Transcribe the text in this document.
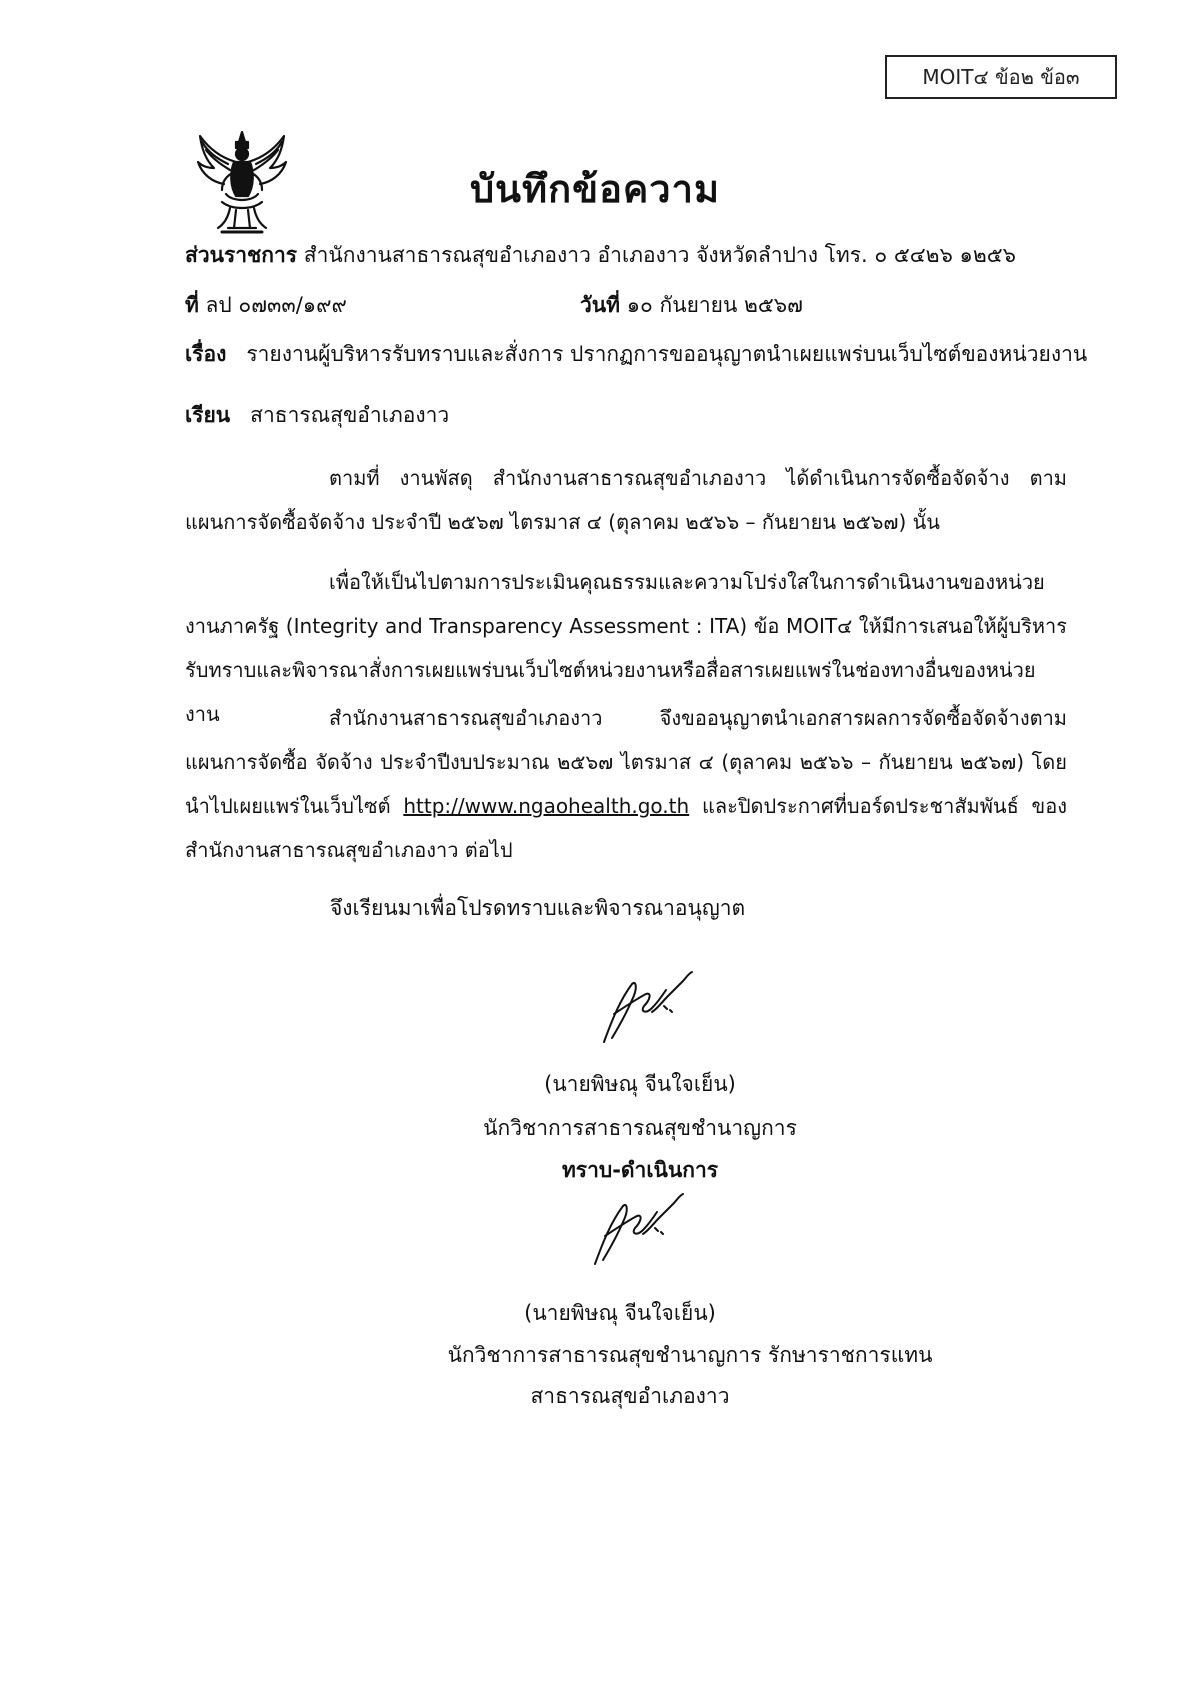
MOIT๔ ข้อ๒ ข้อ๓
บันทึกข้อความ
ส่วนราชการ สำนักงานสาธารณสุขอำเภองาว อำเภองาว จังหวัดลำปาง โทร. ๐ ๕๔๒๖ ๑๒๕๖
ที่ ลป ๐๗๓๓/๑๙๙	วันที่ ๑๐ กันยายน ๒๕๖๗
เรื่อง รายงานผู้บริหารรับทราบและสั่งการ ปรากฏการขออนุญาตนำเผยแพร่บนเว็บไซต์ของหน่วยงาน
เรียน สาธารณสุขอำเภองาว

ตามที่ งานพัสดุ สำนักงานสาธารณสุขอำเภองาว ได้ดำเนินการจัดซื้อจัดจ้าง ตามแผนการจัดซื้อจัดจ้าง ประจำปี ๒๕๖๗ ไตรมาส ๔ (ตุลาคม ๒๕๖๖ – กันยายน ๒๕๖๗) นั้น

เพื่อให้เป็นไปตามการประเมินคุณธรรมและความโปร่งใสในการดำเนินงานของหน่วยงานภาครัฐ (Integrity and Transparency Assessment : ITA) ข้อ MOIT๔ ให้มีการเสนอให้ผู้บริหารรับทราบและพิจารณาสั่งการเผยแพร่บนเว็บไซต์หน่วยงานหรือสื่อสารเผยแพร่ในช่องทางอื่นของหน่วยงาน	สำนักงานสาธารณสุขอำเภองาว จึงขออนุญาตนำเอกสารผลการจัดซื้อจัดจ้างตามแผนการจัดซื้อ จัดจ้าง ประจำปีงบประมาณ ๒๕๖๗ ไตรมาส ๔ (ตุลาคม ๒๕๖๖ – กันยายน ๒๕๖๗) โดยนำไปเผยแพร่ในเว็บไซต์ http://www.ngaohealth.go.th และปิดประกาศที่บอร์ดประชาสัมพันธ์ ของสำนักงานสาธารณสุขอำเภองาว ต่อไป

จึงเรียนมาเพื่อโปรดทราบและพิจารณาอนุญาต
(นายพิษณุ จีนใจเย็น)
นักวิชาการสาธารณสุขชำนาญการ
ทราบ-ดำเนินการ
(นายพิษณุ จีนใจเย็น)
นักวิชาการสาธารณสุขชำนาญการ รักษาราชการแทน
สาธารณสุขอำเภองาว
